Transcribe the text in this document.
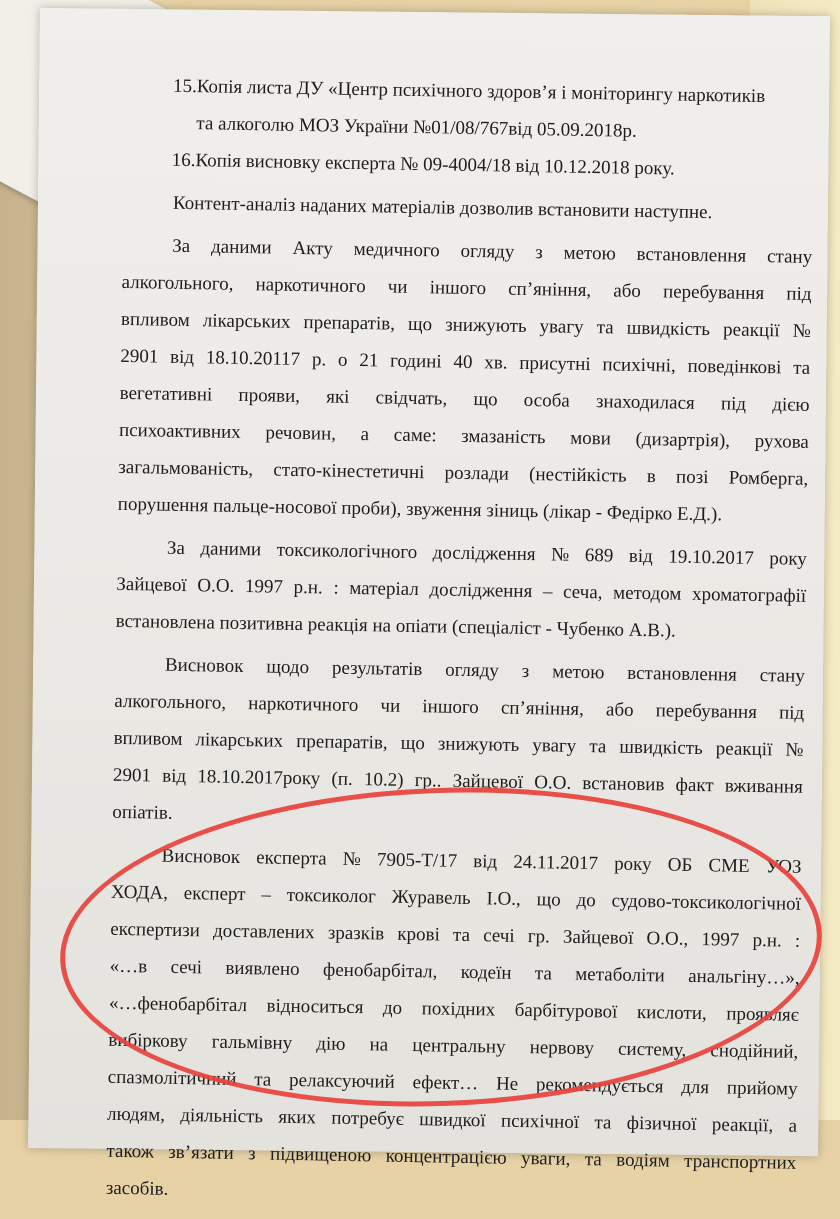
15.Копія листа ДУ «Центр психічного здоров’я і моніторингу наркотиків
та алкоголю МОЗ України №01/08/767від 05.09.2018р.
16.Копія висновку експерта № 09-4004/18 від 10.12.2018 року.
Контент-аналіз наданих матеріалів дозволив встановити наступне.
За даними Акту медичного огляду з метою встановлення стану
алкогольного, наркотичного чи іншого сп’яніння, або перебування під
впливом лікарських препаратів, що знижують увагу та швидкість реакції №
2901 від 18.10.20117 р. о 21 годині 40 хв. присутні психічні, поведінкові та
вегетативні прояви, які свідчать, що особа знаходилася під дією
психоактивних речовин, а саме: змазаність мови (дизартрія), рухова
загальмованість, стато-кінестетичні розлади (нестійкість в позі Ромберга,
порушення пальце-носової проби), звуження зіниць (лікар - Федірко Е.Д.).
За даними токсикологічного дослідження № 689 від 19.10.2017 року
Зайцевої О.О. 1997 р.н. : матеріал дослідження – сеча, методом хроматографії
встановлена позитивна реакція на опіати (спеціаліст - Чубенко А.В.).
Висновок щодо результатів огляду з метою встановлення стану
алкогольного, наркотичного чи іншого сп’яніння, або перебування під
впливом лікарських препаратів, що знижують увагу та швидкість реакції №
2901 від 18.10.2017року (п. 10.2) гр.. Зайцевої О.О. встановив факт вживання
опіатів.
Висновок експерта № 7905-Т/17 від 24.11.2017 року ОБ СМЕ УОЗ
ХОДА, експерт – токсиколог Журавель І.О., що до судово-токсикологічної
експертизи доставлених зразків крові та сечі гр. Зайцевої О.О., 1997 р.н. :
«…в сечі виявлено фенобарбітал, кодеїн та метаболіти анальгіну…»,
«…фенобарбітал відноситься до похідних барбітурової кислоти, проявляє
вибіркову гальмівну дію на центральну нервову систему, снодійний,
спазмолітичний та релаксуючий ефект… Не рекомендується для прийому
людям, діяльність яких потребує швидкої психічної та фізичної реакції, а
також зв’язати з підвищеною концентрацією уваги, та водіям транспортних
засобів.
